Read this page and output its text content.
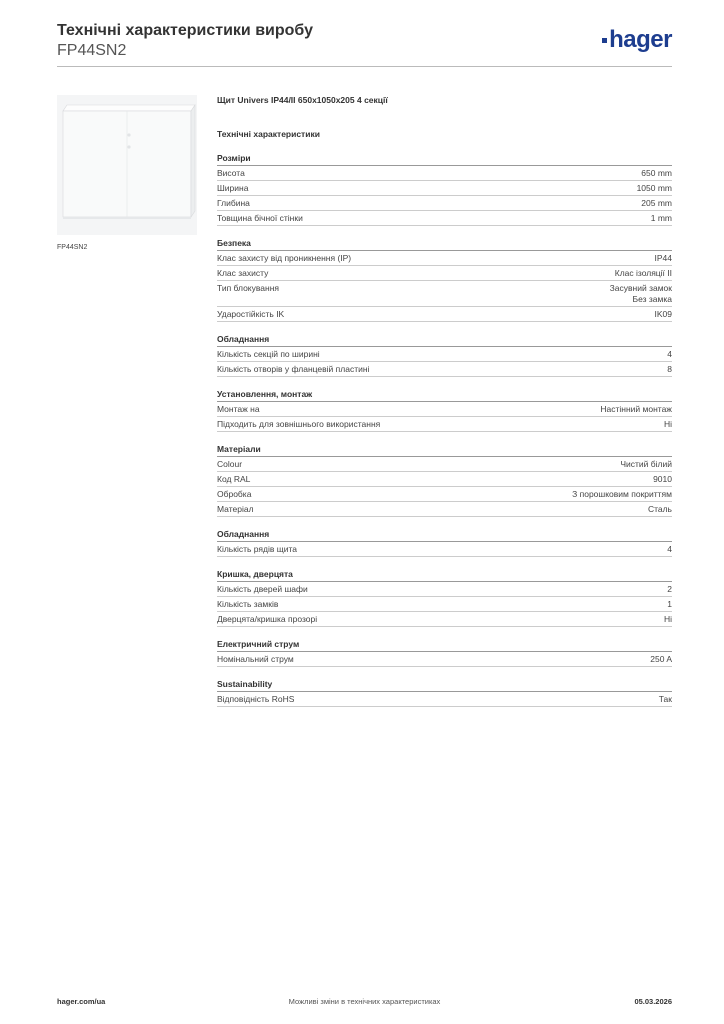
Технічні характеристики виробу
FP44SN2	hager
FP44SN2
Щит Univers IP44/II 650x1050x205 4 секції
Технічні характеристики
Розміри
Висота	650 mm
Ширина	1050 mm
Глибина	205 mm
Товщина бічної стінки	1 mm
Безпека
Клас захисту від проникнення (IP)	IP44
Клас захисту	Клас ізоляції II
Тип блокування	Засувний замок
Без замка
Ударостійкість IK	IK09
Обладнання
Кількість секцій по ширині	4
Кількість отворів у фланцевій пластині	8
Установлення, монтаж
Монтаж на	Настінний монтаж
Підходить для зовнішнього використання	Ні
Матеріали
Colour	Чистий білий
Код RAL	9010
Обробка	З порошковим покриттям
Матеріал	Сталь
Обладнання
Кількість рядів щита	4
Кришка, дверцята
Кількість дверей шафи	2
Кількість замків	1
Дверцята/кришка прозорі	Ні
Електричний струм
Номінальний струм	250 A
Sustainability
Відповідність RoHS	Так
hager.com/ua	Можливі зміни в технічних характеристиках	05.03.2026
